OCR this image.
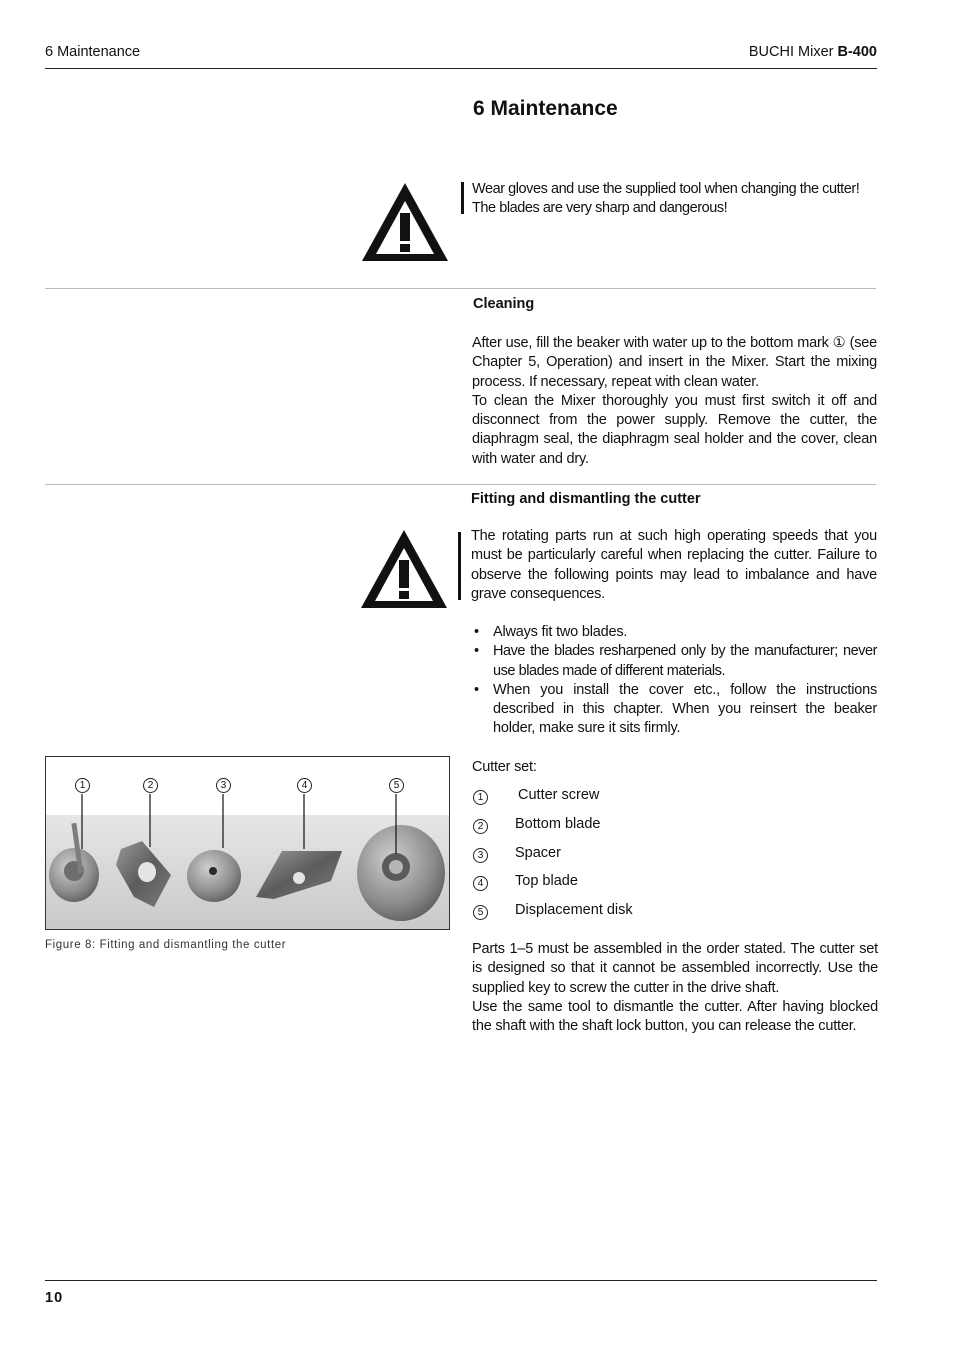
6 Maintenance	BUCHI Mixer B-400
6 Maintenance
Wear gloves and use the supplied tool when changing the cutter!
The blades are very sharp and dangerous!
Cleaning
After use, fill the beaker with water up to the bottom mark ① (see Chapter 5, Operation) and insert in the Mixer. Start the mixing process. If necessary, repeat with clean water.
To clean the Mixer thoroughly you must first switch it off and disconnect from the power supply. Remove the cutter, the diaphragm seal, the diaphragm seal holder and the cover, clean with water and dry.
Fitting and dismantling the cutter
The rotating parts run at such high operating speeds that you must be particularly careful when replacing the cutter. Failure to observe the following points may lead to imbalance and have grave consequences.
• Always fit two blades.
• Have the blades resharpened only by the manufacturer; never use blades made of different materials.
• When you install the cover etc., follow the instructions described in this chapter. When you reinsert the beaker holder, make sure it sits firmly.
1	2	3	4	5
Figure 8: Fitting and dismantling the cutter
Cutter set:
1	Cutter screw
2	Bottom blade
3	Spacer
4	Top blade
5	Displacement disk
Parts 1–5 must be assembled in the order stated. The cutter set is designed so that it cannot be assembled incorrectly. Use the supplied key to screw the cutter in the drive shaft.
Use the same tool to dismantle the cutter. After having blocked the shaft with the shaft lock button, you can release the cutter.
10
